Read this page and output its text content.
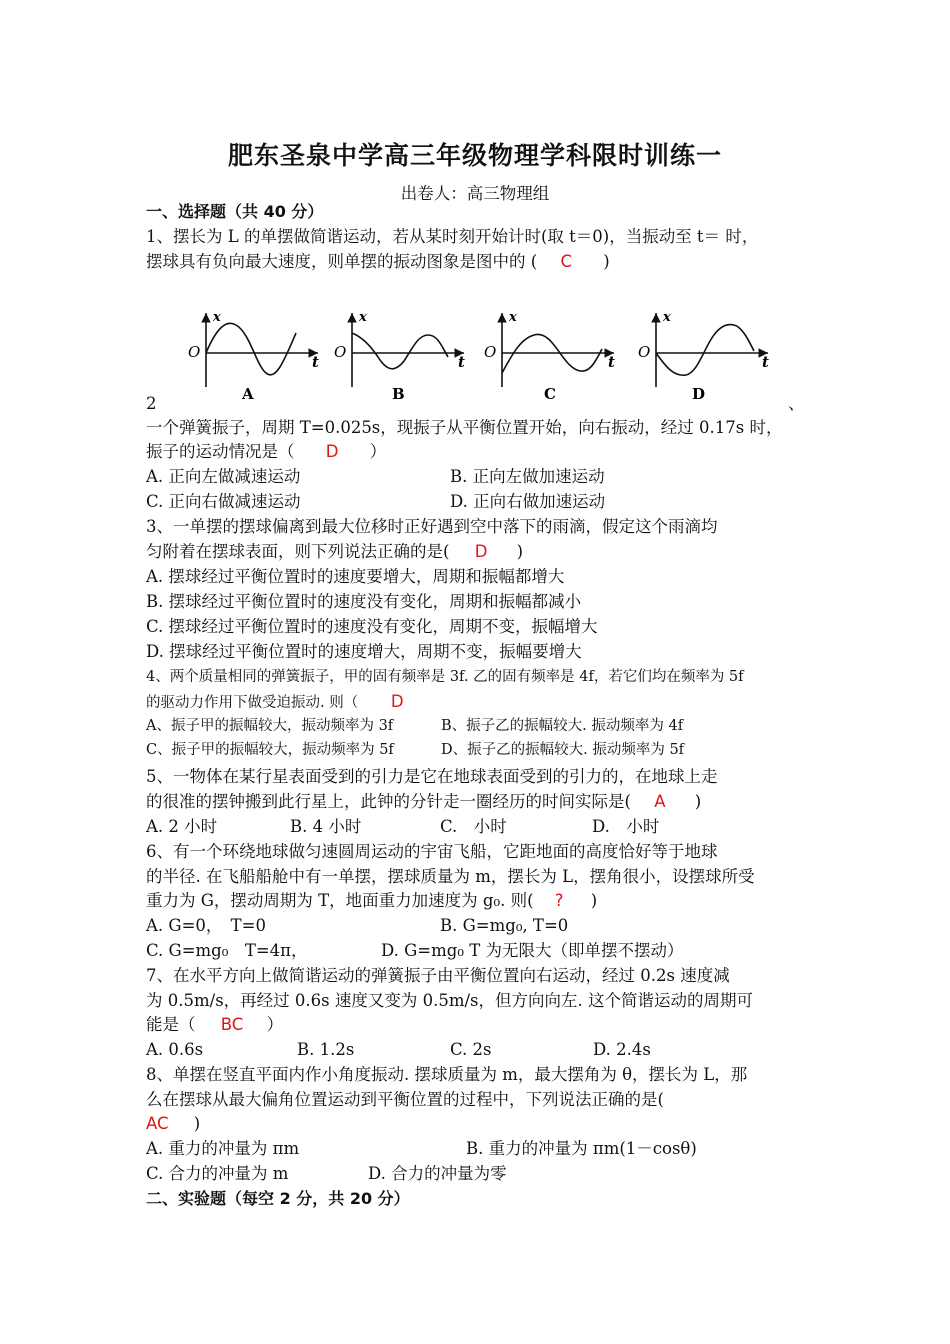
肥东圣泉中学高三年级物理学科限时训练一
出卷人：高三物理组
一、选择题（共 40 分）
1、摆长为 L 的单摆做简谐运动，若从某时刻开始计时(取 t＝0)，当振动至 t＝ 时，
摆球具有负向最大速度，则单摆的振动图象是图中的 ( C )
O
x
t
A
O
x
t
B
O
x
t
C
O
x
t
D
2	、
一个弹簧振子，周期 T=0.025s，现振子从平衡位置开始，向右振动，经过 0.17s 时，
振子的运动情况是（ D ）
A. 正向左做减速运动	B. 正向左做加速运动
C. 正向右做减速运动	D. 正向右做加速运动
3、一单摆的摆球偏离到最大位移时正好遇到空中落下的雨滴，假定这个雨滴均
匀附着在摆球表面，则下列说法正确的是( D )
A. 摆球经过平衡位置时的速度要增大，周期和振幅都增大
B. 摆球经过平衡位置时的速度没有变化，周期和振幅都减小
C. 摆球经过平衡位置时的速度没有变化，周期不变，振幅增大
D. 摆球经过平衡位置时的速度增大，周期不变，振幅要增大
4、两个质量相同的弹簧振子，甲的固有频率是 3f. 乙的固有频率是 4f，若它们均在频率为 5f
的驱动力作用下做受迫振动. 则（ D
A、振子甲的振幅较大，振动频率为 3f	B、振子乙的振幅较大. 振动频率为 4f
C、振子甲的振幅较大，振动频率为 5f	D、振子乙的振幅较大. 振动频率为 5f
5、一物体在某行星表面受到的引力是它在地球表面受到的引力的，在地球上走
的很准的摆钟搬到此行星上，此钟的分针走一圈经历的时间实际是( A )
A. 2 小时	B. 4 小时	C.　小时	D.　小时
6、有一个环绕地球做匀速圆周运动的宇宙飞船，它距地面的高度恰好等于地球
的半径. 在飞船船舱中有一单摆，摆球质量为 m，摆长为 L，摆角很小，设摆球所受
重力为 G，摆动周期为 T，地面重力加速度为 g₀. 则( ? )
A. G=0，　T=0	B. G=mg₀, T=0
C. G=mg₀　T=4π，	D. G=mg₀ T 为无限大（即单摆不摆动）
7、在水平方向上做简谐运动的弹簧振子由平衡位置向右运动，经过 0.2s 速度减
为 0.5m/s，再经过 0.6s 速度又变为 0.5m/s，但方向向左. 这个简谐运动的周期可
能是（ BC ）
A. 0.6s	B. 1.2s	C. 2s	D. 2.4s
8、单摆在竖直平面内作小角度振动. 摆球质量为 m，最大摆角为 θ，摆长为 L，那
么在摆球从最大偏角位置运动到平衡位置的过程中，下列说法正确的是(
AC )
A. 重力的冲量为 πm	B. 重力的冲量为 πm(1－cosθ)
C. 合力的冲量为 m	D. 合力的冲量为零
二、实验题（每空 2 分，共 20 分）
